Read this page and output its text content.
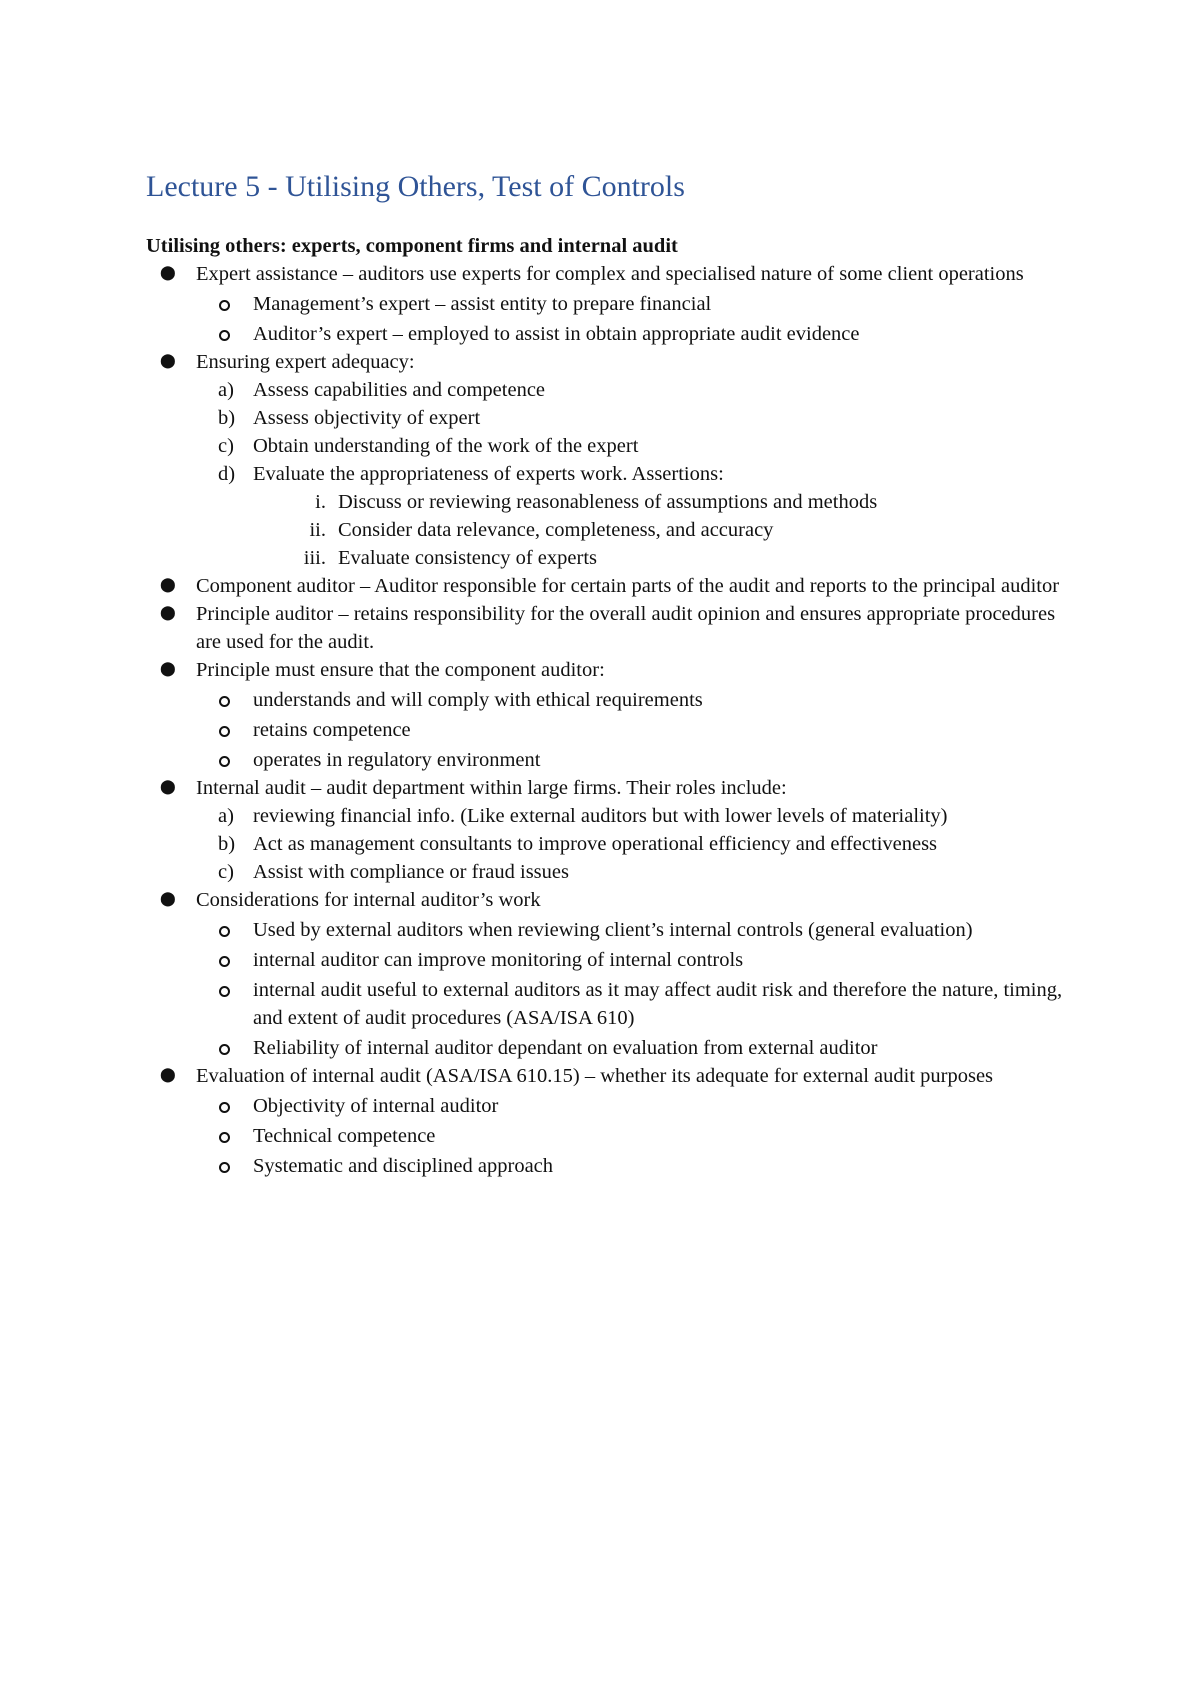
Lecture 5 - Utilising Others, Test of Controls
Utilising others: experts, component firms and internal audit
⬤ Expert assistance – auditors use experts for complex and specialised nature of some client operations
Management’s expert – assist entity to prepare financial
Auditor’s expert – employed to assist in obtain appropriate audit evidence
⬤ Ensuring expert adequacy:
a) Assess capabilities and competence
b) Assess objectivity of expert
c) Obtain understanding of the work of the expert
d) Evaluate the appropriateness of experts work. Assertions:
i. Discuss or reviewing reasonableness of assumptions and methods
ii. Consider data relevance, completeness, and accuracy
iii. Evaluate consistency of experts
⬤ Component auditor – Auditor responsible for certain parts of the audit and reports to the principal auditor
⬤ Principle auditor – retains responsibility for the overall audit opinion and ensures appropriate procedures are used for the audit.
⬤ Principle must ensure that the component auditor:
understands and will comply with ethical requirements
retains competence
operates in regulatory environment
⬤ Internal audit – audit department within large firms. Their roles include:
a) reviewing financial info. (Like external auditors but with lower levels of materiality)
b) Act as management consultants to improve operational efficiency and effectiveness
c) Assist with compliance or fraud issues
⬤ Considerations for internal auditor’s work
Used by external auditors when reviewing client’s internal controls (general evaluation)
internal auditor can improve monitoring of internal controls
internal audit useful to external auditors as it may affect audit risk and therefore the nature, timing, and extent of audit procedures (ASA/ISA 610)
Reliability of internal auditor dependant on evaluation from external auditor
⬤ Evaluation of internal audit (ASA/ISA 610.15) – whether its adequate for external audit purposes
Objectivity of internal auditor
Technical competence
Systematic and disciplined approach
